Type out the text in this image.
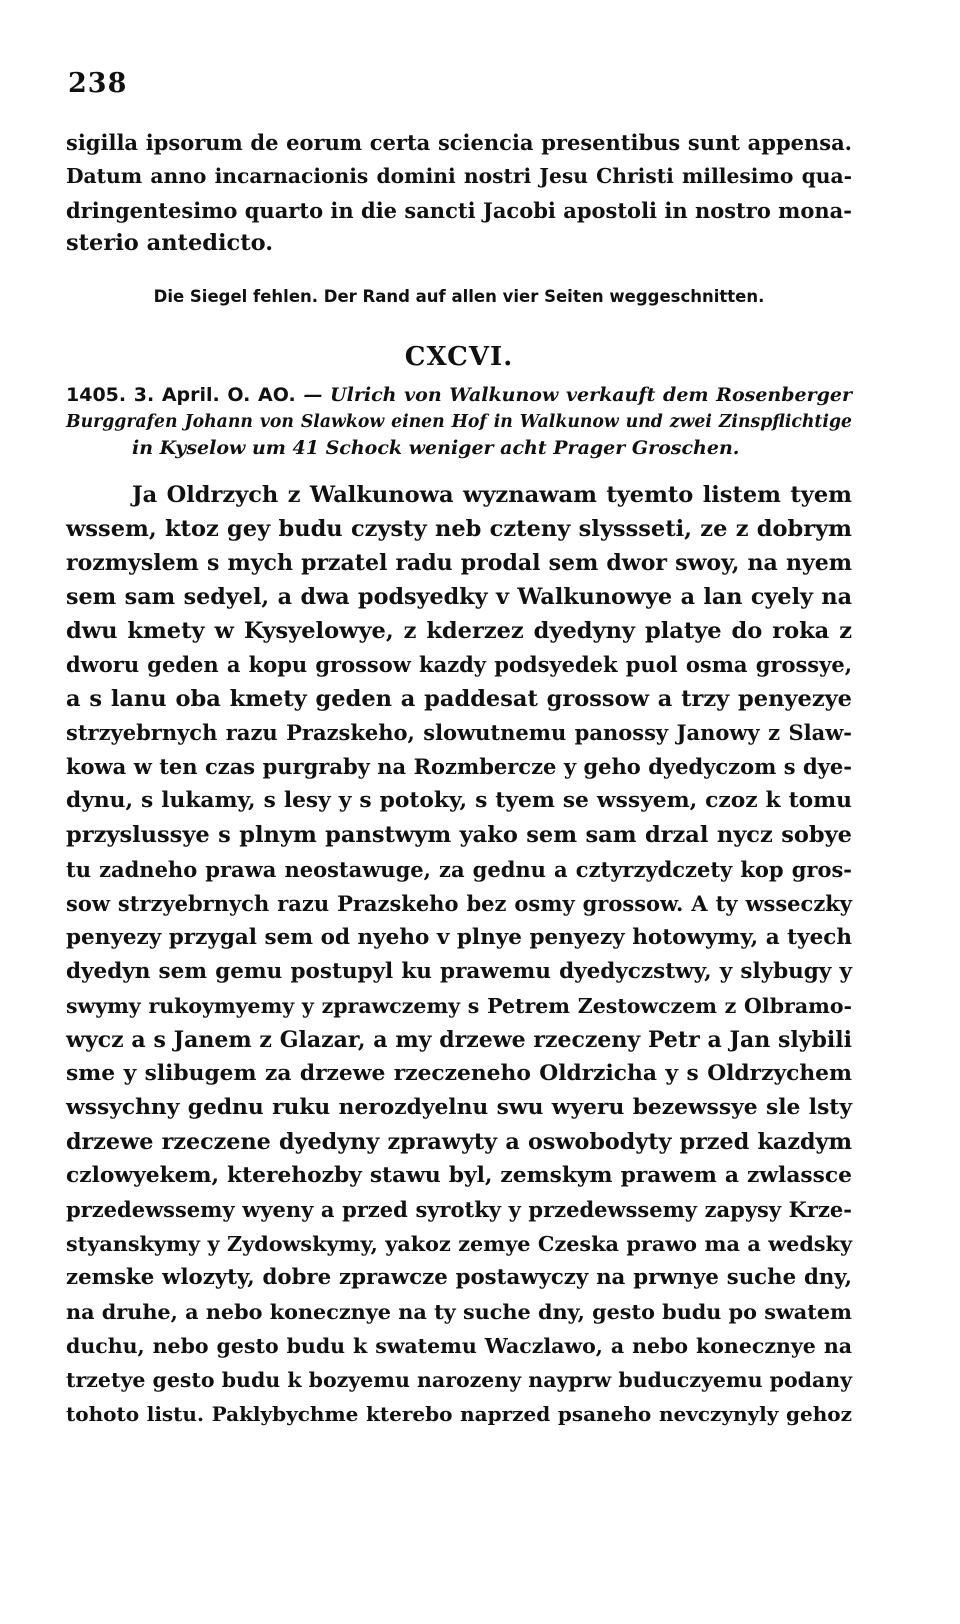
238
sigilla ipsorum de eorum certa sciencia presentibus sunt appensa.
Datum anno incarnacionis domini nostri Jesu Christi millesimo qua-
dringentesimo quarto in die sancti Jacobi apostoli in nostro mona-
sterio antedicto.
Die Siegel fehlen. Der Rand auf allen vier Seiten weggeschnitten.
CXCVI.
1405. 3. April. O. AO. — Ulrich von Walkunow verkauft dem Rosenberger
Burggrafen Johann von Slawkow einen Hof in Walkunow und zwei Zinspflichtige
in Kyselow um 41 Schock weniger acht Prager Groschen.
Ja Oldrzych z Walkunowa wyznawam tyemto listem tyem
wssem, ktoz gey budu czysty neb czteny slyssseti, ze z dobrym
rozmyslem s mych przatel radu prodal sem dwor swoy, na nyem
sem sam sedyel, a dwa podsyedky v Walkunowye a lan cyely na
dwu kmety w Kysyelowye, z kderzez dyedyny platye do roka z
dworu geden a kopu grossow kazdy podsyedek puol osma grossye,
a s lanu oba kmety geden a paddesat grossow a trzy penyezye
strzyebrnych razu Prazskeho, slowutnemu panossy Janowy z Slaw-
kowa w ten czas purgraby na Rozmbercze y geho dyedyczom s dye-
dynu, s lukamy, s lesy y s potoky, s tyem se wssyem, czoz k tomu
przyslussye s plnym panstwym yako sem sam drzal nycz sobye
tu zadneho prawa neostawuge, za gednu a cztyrzydczety kop gros-
sow strzyebrnych razu Prazskeho bez osmy grossow. A ty wsseczky
penyezy przygal sem od nyeho v plnye penyezy hotowymy, a tyech
dyedyn sem gemu postupyl ku prawemu dyedyczstwy, y slybugy y
swymy rukoymyemy y zprawczemy s Petrem Zestowczem z Olbramo-
wycz a s Janem z Glazar, a my drzewe rzeczeny Petr a Jan slybili
sme y slibugem za drzewe rzeczeneho Oldrzicha y s Oldrzychem
wssychny gednu ruku nerozdyelnu swu wyeru bezewssye sle lsty
drzewe rzeczene dyedyny zprawyty a oswobodyty przed kazdym
czlowyekem, kterehozby stawu byl, zemskym prawem a zwlassce
przedewssemy wyeny a przed syrotky y przedewssemy zapysy Krze-
styanskymy y Zydowskymy, yakoz zemye Czeska prawo ma a wedsky
zemske wlozyty, dobre zprawcze postawyczy na prwnye suche dny,
na druhe, a nebo konecznye na ty suche dny, gesto budu po swatem
duchu, nebo gesto budu k swatemu Waczlawo, a nebo konecznye na
trzetye gesto budu k bozyemu narozeny nayprw buduczyemu podany
tohoto listu. Paklybychme kterebo naprzed psaneho nevczynyly gehoz
